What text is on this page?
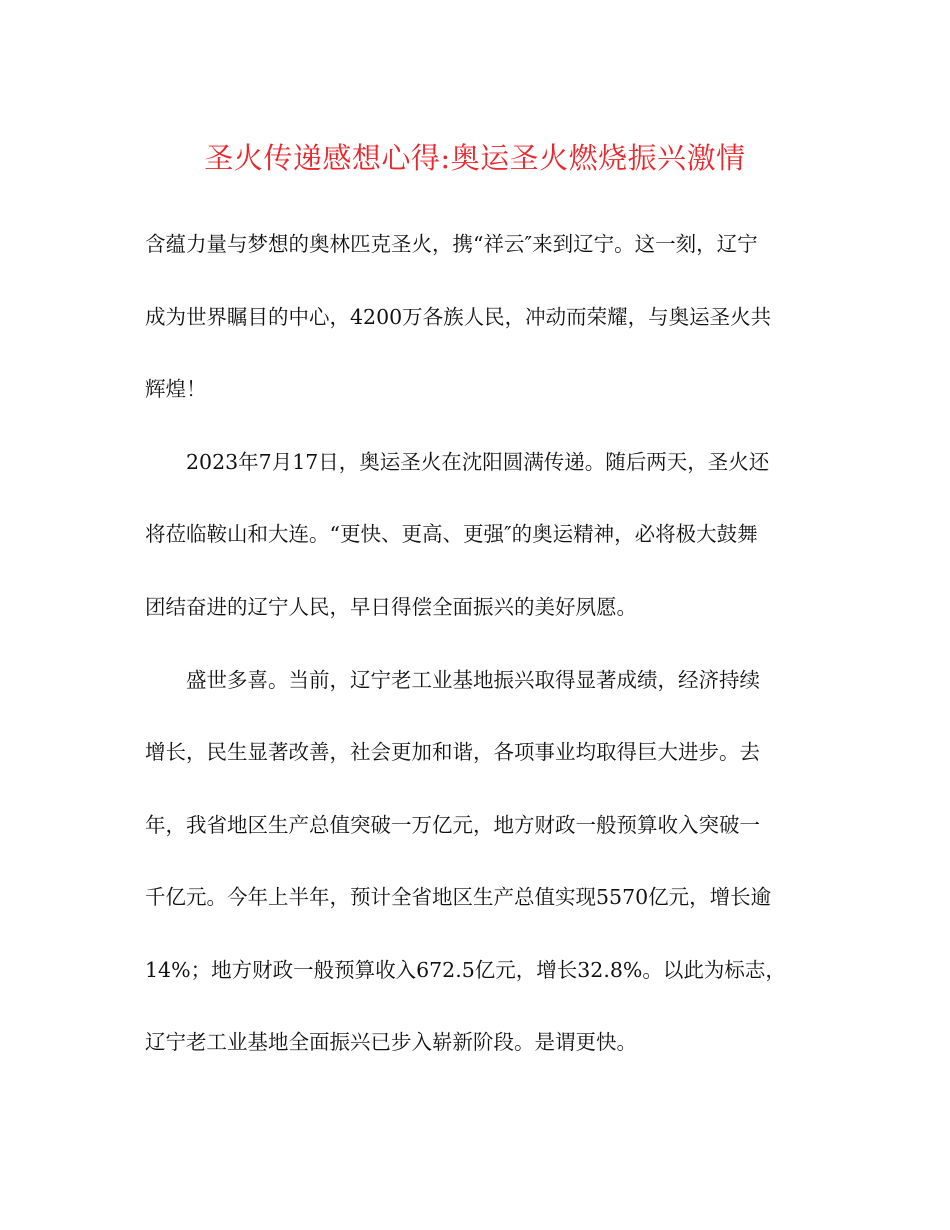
圣火传递感想心得:奥运圣火燃烧振兴激情
含蕴力量与梦想的奥林匹克圣火，携“祥云″来到辽宁。这一刻，辽宁
成为世界瞩目的中心，4200万各族人民，冲动而荣耀，与奥运圣火共
辉煌！
2023年7月17日，奥运圣火在沈阳圆满传递。随后两天，圣火还
将莅临鞍山和大连。“更快、更高、更强″的奥运精神，必将极大鼓舞
团结奋进的辽宁人民，早日得偿全面振兴的美好夙愿。
盛世多喜。当前，辽宁老工业基地振兴取得显著成绩，经济持续
增长，民生显著改善，社会更加和谐，各项事业均取得巨大进步。去
年，我省地区生产总值突破一万亿元，地方财政一般预算收入突破一
千亿元。今年上半年，预计全省地区生产总值实现5570亿元，增长逾
14%；地方财政一般预算收入672.5亿元，增长32.8%。以此为标志，
辽宁老工业基地全面振兴已步入崭新阶段。是谓更快。
